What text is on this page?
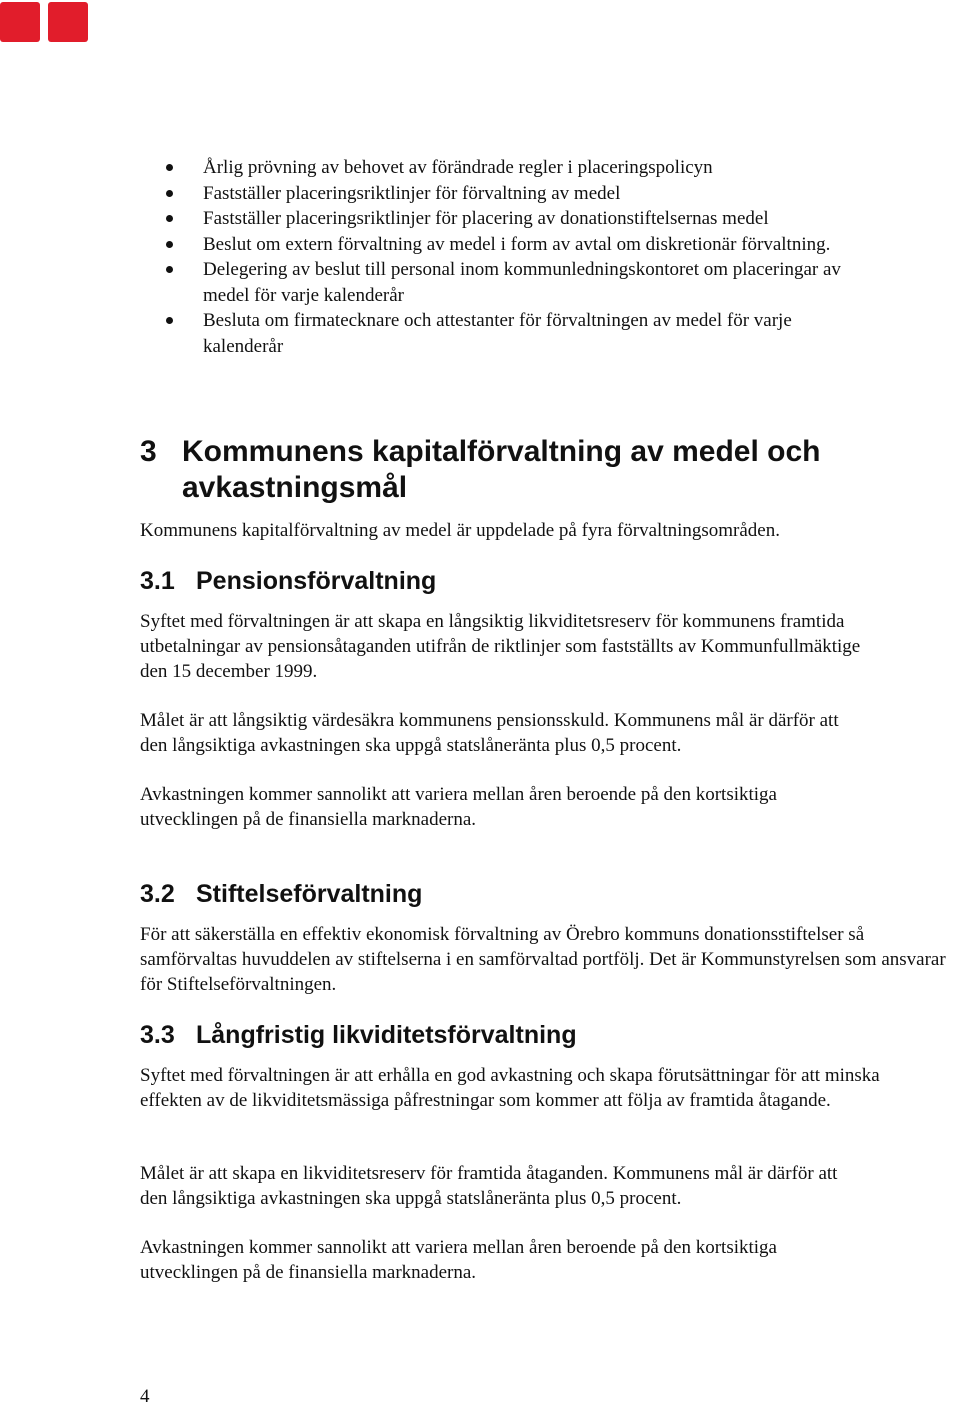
Årlig prövning av behovet av förändrade regler i placeringspolicyn
Fastställer placeringsriktlinjer för förvaltning av medel
Fastställer placeringsriktlinjer för placering av donationstiftelsernas medel
Beslut om extern förvaltning av medel i form av avtal om diskretionär förvaltning.
Delegering av beslut till personal inom kommunledningskontoret om placeringar av medel för varje kalenderår
Besluta om firmatecknare och attestanter för förvaltningen av medel för varje kalenderår
3 Kommunens kapitalförvaltning av medel och
avkastningsmål

Kommunens kapitalförvaltning av medel är uppdelade på fyra förvaltningsområden.

3.1 Pensionsförvaltning

Syftet med förvaltningen är att skapa en långsiktig likviditetsreserv för kommunens framtida utbetalningar av pensionsåtaganden utifrån de riktlinjer som fastställts av Kommunfullmäktige den 15 december 1999.

Målet är att långsiktig värdesäkra kommunens pensionsskuld. Kommunens mål är därför att den långsiktiga avkastningen ska uppgå statslåneränta plus 0,5 procent.

Avkastningen kommer sannolikt att variera mellan åren beroende på den kortsiktiga utvecklingen på de finansiella marknaderna.

3.2 Stiftelseförvaltning

För att säkerställa en effektiv ekonomisk förvaltning av Örebro kommuns donationsstiftelser så samförvaltas huvuddelen av stiftelserna i en samförvaltad portfölj. Det är Kommunstyrelsen som ansvarar för Stiftelseförvaltningen.

3.3 Långfristig likviditetsförvaltning

Syftet med förvaltningen är att erhålla en god avkastning och skapa förutsättningar för att minska effekten av de likviditetsmässiga påfrestningar som kommer att följa av framtida åtagande.

Målet är att skapa en likviditetsreserv för framtida åtaganden. Kommunens mål är därför att den långsiktiga avkastningen ska uppgå statslåneränta plus 0,5 procent.

Avkastningen kommer sannolikt att variera mellan åren beroende på den kortsiktiga utvecklingen på de finansiella marknaderna.

4
